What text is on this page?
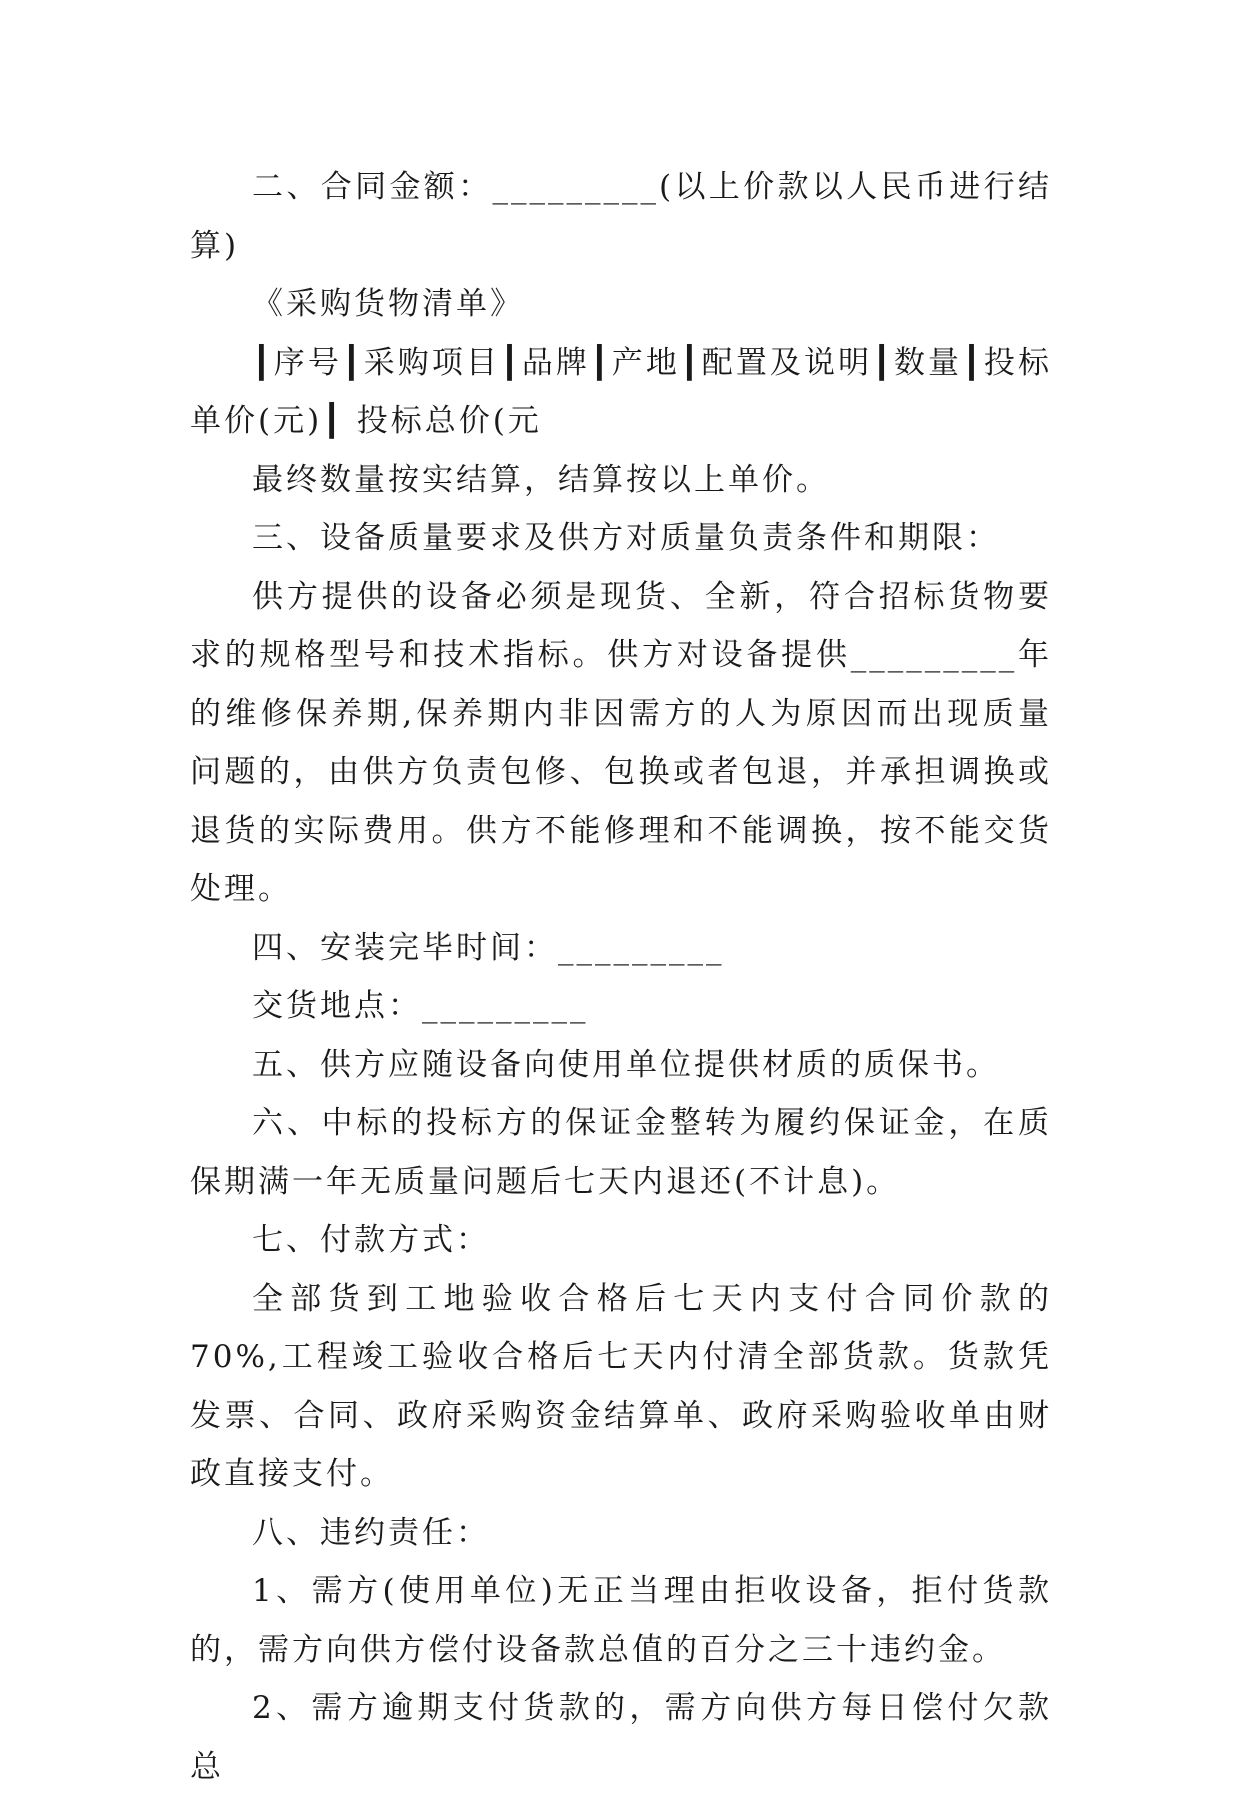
二、合同金额：_________(以上价款以人民币进行结算)

《采购货物清单》

┃序号┃采购项目┃品牌┃产地┃配置及说明┃数量┃投标单价(元)┃ 投标总价(元

最终数量按实结算，结算按以上单价。

三、设备质量要求及供方对质量负责条件和期限：

供方提供的设备必须是现货、全新，符合招标货物要求的规格型号和技术指标。供方对设备提供_________年的维修保养期,保养期内非因需方的人为原因而出现质量问题的，由供方负责包修、包换或者包退，并承担调换或退货的实际费用。供方不能修理和不能调换，按不能交货处理。

四、安装完毕时间：_________

交货地点：_________

五、供方应随设备向使用单位提供材质的质保书。

六、中标的投标方的保证金整转为履约保证金，在质保期满一年无质量问题后七天内退还(不计息)。

七、付款方式：

全部货到工地验收合格后七天内支付合同价款的70%,工程竣工验收合格后七天内付清全部货款。货款凭发票、合同、政府采购资金结算单、政府采购验收单由财政直接支付。

八、违约责任：

1、需方(使用单位)无正当理由拒收设备，拒付货款的，需方向供方偿付设备款总值的百分之三十违约金。

2、需方逾期支付货款的，需方向供方每日偿付欠款总
